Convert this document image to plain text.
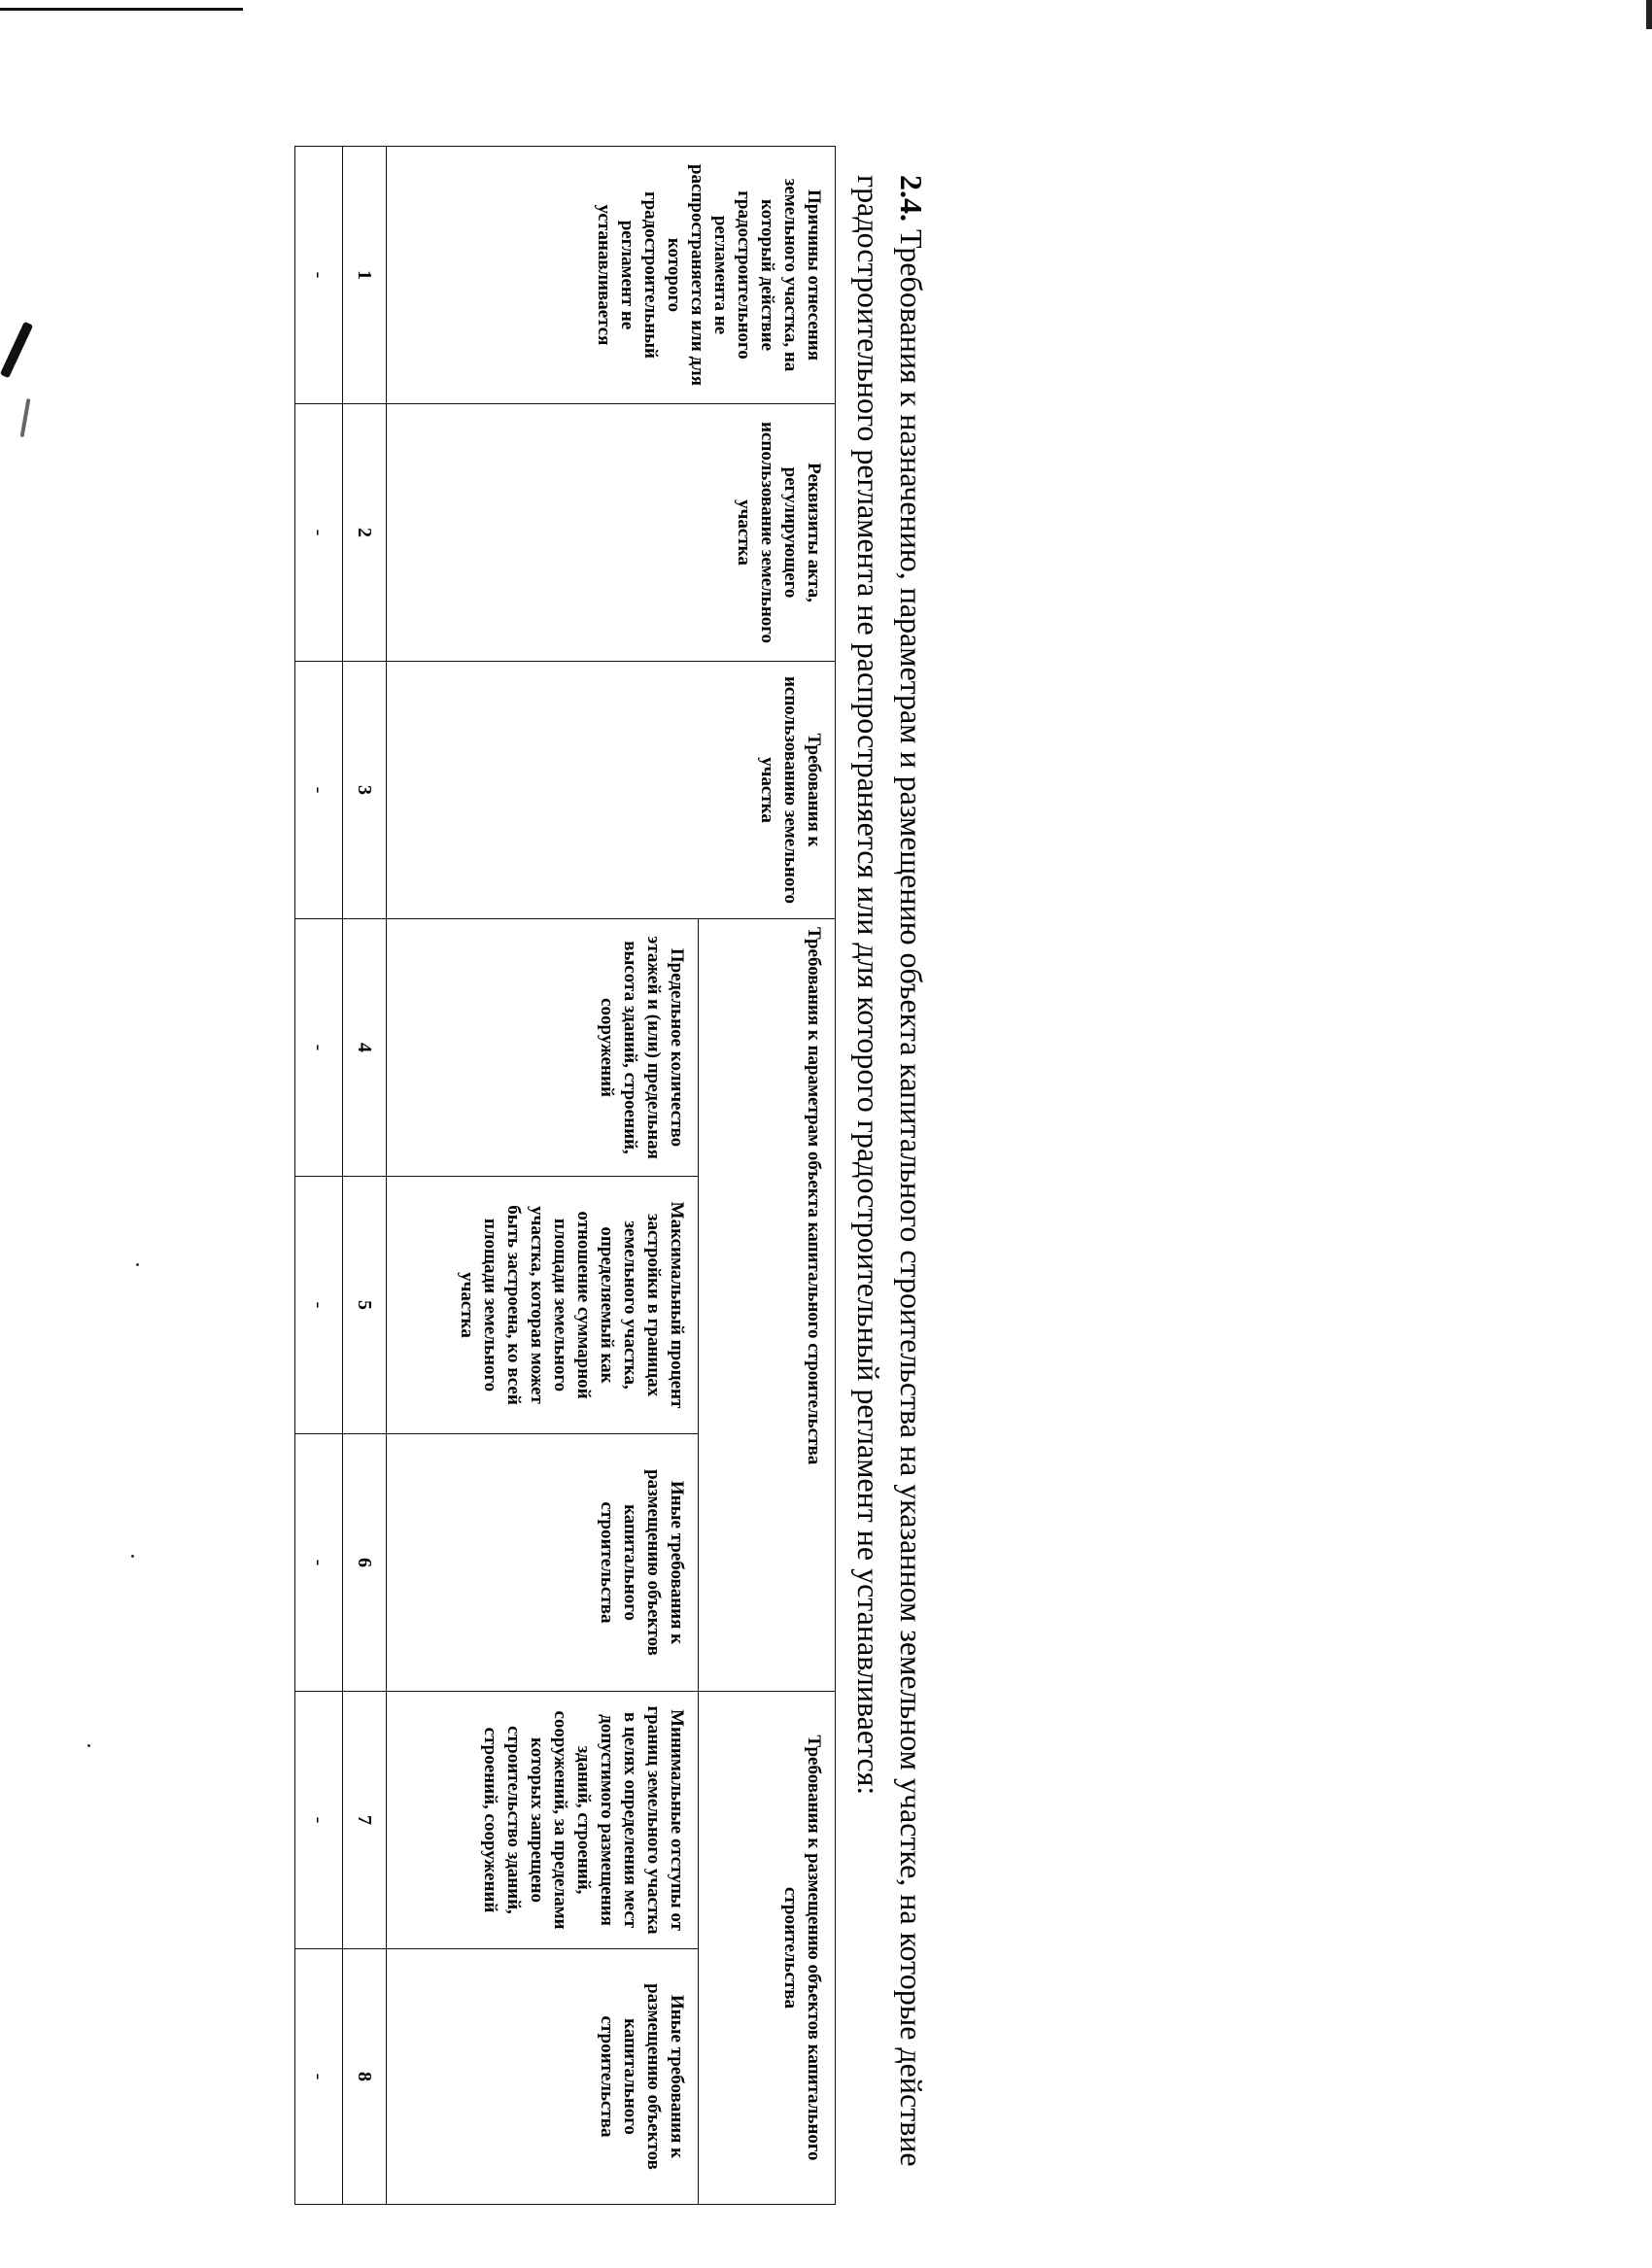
2.4. Требования к назначению, параметрам и размещению объекта капитального строительства на указанном земельном участке, на которые действие градостроительного регламента не распространяется или для которого градостроительный регламент не устанавливается:
Причины отнесения земельного участка, на который действие градостроительного регламента не распространяется или для которого градостроительный регламент не устанавливается	Реквизиты акта, регулирующего использование земельного участка	Требования к использованию земельного участка	Требования к параметрам объекта капитального строительства			Требования к размещению объектов капитального строительства	
			Предельное количество этажей и (или) предельная высота зданий, строений, сооружений	Максимальный процент застройки в границах земельного участка, определяемый как отношение суммарной площади земельного участка, которая может быть застроена, ко всей площади земельного участка	Иные требования к размещению объектов капитального строительства	Минимальные отступы от границ земельного участка в целях определения мест допустимого размещения зданий, строений, сооружений, за пределами которых запрещено строительство зданий, строений, сооружений	Иные требования к размещению объектов капитального строительства
1	2	3	4	5	6	7	8
-	-	-	-	-	-	-	-
